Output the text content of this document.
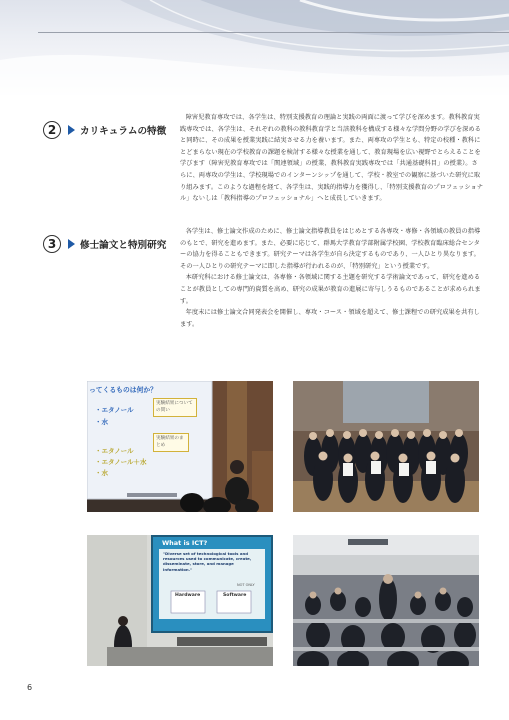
2	カリキュラムの特徴

障害児教育専攻では、各学生は、特別支援教育の理論と実践の両面に渡って学びを深めます。教科教育実践専攻では、各学生は、それぞれの教科の教科教育学と当該教科を構成する様々な学問分野の学びを深めると同時に、その成果を授業実践に結実させる力を養います。また、両専攻の学生とも、特定の校種・教科にとどまらない現在の学校教育の課題を検討する様々な授業を通して、教育現場を広い視野でとらえることを学びます（障害児教育専攻では「関連領域」の授業、教科教育実践専攻では「共通基礎科目」の授業）。さらに、両専攻の学生は、学校現場でのインターンシップを通して、学校・教室での観察に基づいた研究に取り組みます。このような過程を経て、各学生は、実践的指導力を獲得し、「特別支援教育のプロフェッショナル」ないしは「教科指導のプロフェッショナル」へと成長していきます。

3	修士論文と特別研究

各学生は、修士論文作成のために、修士論文指導教員をはじめとする各専攻・専修・各領域の教員の指導のもとで、研究を進めます。また、必要に応じて、群馬大学教育学部附属学校園、学校教育臨床総合センターの協力を得ることもできます。研究テーマは各学生が自ら決定するものであり、一人ひとり異なります。その一人ひとりの研究テーマに即した指導が行われるのが、「特別研究」という授業です。

本研究科における修士論文は、各専修・各領域に関する主題を研究する学術論文であって、研究を進めることが教員としての専門的資質を高め、研究の成果が教育の進展に寄与しうるものであることが求められます。

年度末には修士論文合同発表会を開催し、専攻・コース・領域を超えて、修士課程での研究成果を共有します。

ってくるものは何か？
・エタノール
・水
・エタノール
・エタノール＋水
・水
実験結果についての問い
実験結果のまとめ
What is ICT?
"Diverse set of technological tools and resources used to communicate, create, disseminate, store, and manage information."
NOT ONLY
Hardware	Software
6
